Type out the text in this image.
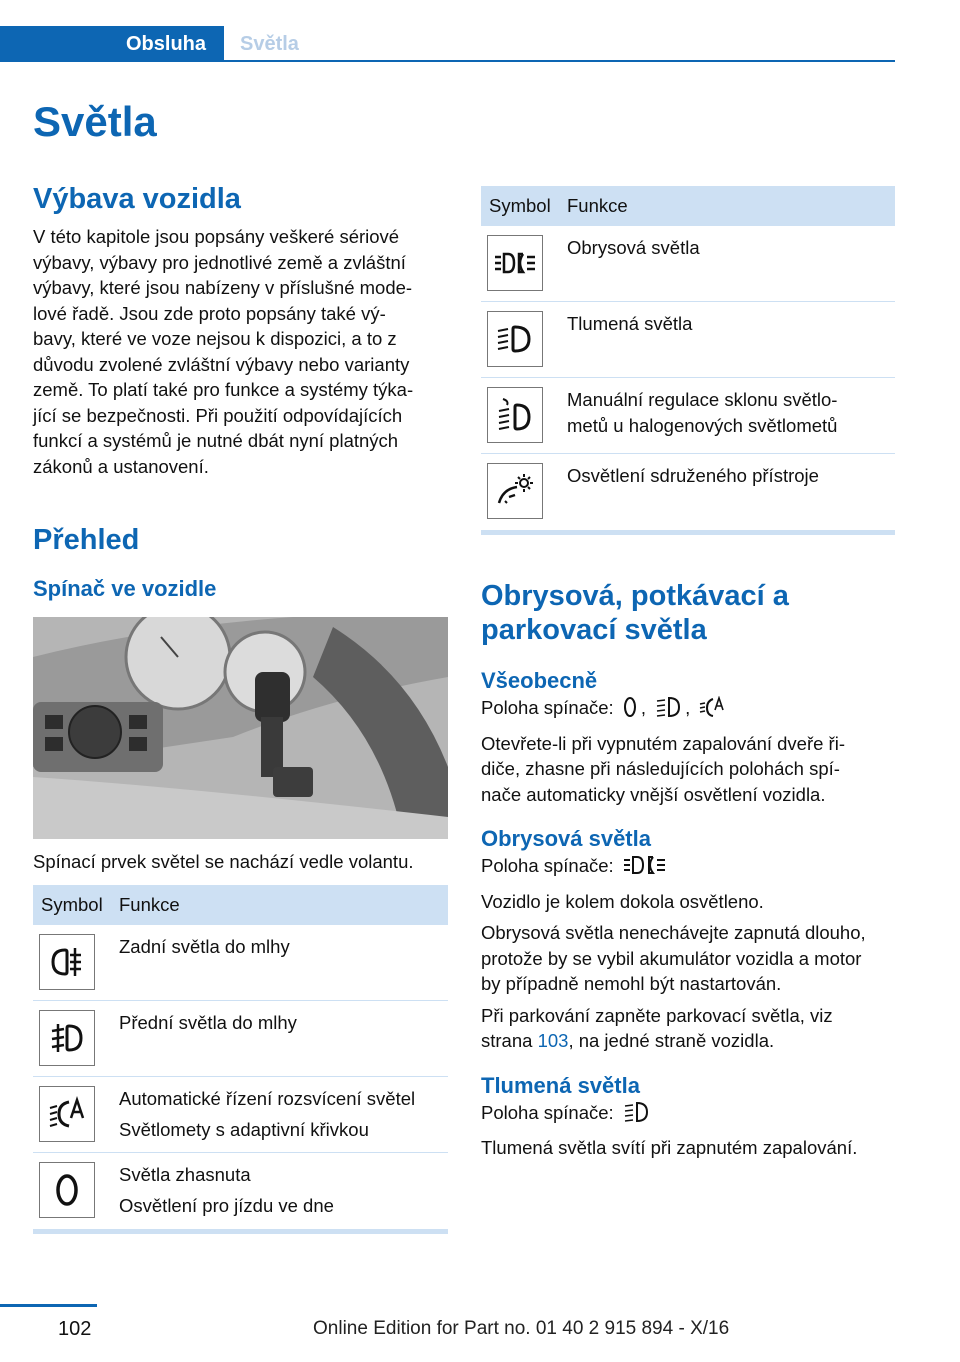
Obsluha	Světla
Světla
Výbava vozidla

V této kapitole jsou popsány veškeré sériové
výbavy, výbavy pro jednotlivé země a zvláštní
výbavy, které jsou nabízeny v příslušné mode‐
lové řadě. Jsou zde proto popsány také vý‐
bavy, které ve voze nejsou k dispozici, a to z
důvodu zvolené zvláštní výbavy nebo varianty
země. To platí také pro funkce a systémy týka‐
jící se bezpečnosti. Při použití odpovídajících
funkcí a systémů je nutné dbát nyní platných
zákonů a ustanovení.

Přehled
Spínač ve vozidle

Spínací prvek světel se nachází vedle volantu.

Symbol Funkce
Zadní světla do mlhy
Přední světla do mlhy
Automatické řízení rozsvícení světel
Světlomety s adaptivní křivkou
Světla zhasnuta
Osvětlení pro jízdu ve dne
Symbol Funkce
Obrysová světla
Tlumená světla
Manuální regulace sklonu světlo‐
metů u halogenových světlometů
Osvětlení sdruženého přístroje
Obrysová, potkávací a
parkovací světla
Všeobecně

Poloha spínače: , ,

Otevřete-li při vypnutém zapalování dveře ři‐
diče, zhasne při následujících polohách spí‐
nače automaticky vnější osvětlení vozidla.

Obrysová světla

Poloha spínače:

Vozidlo je kolem dokola osvětleno.

Obrysová světla nenechávejte zapnutá dlouho,
protože by se vybil akumulátor vozidla a motor
by případně nemohl být nastartován.

Při parkování zapněte parkovací světla, viz
strana 103, na jedné straně vozidla.

Tlumená světla

Poloha spínače:

Tlumená světla svítí při zapnutém zapalování.

102	Online Edition for Part no. 01 40 2 915 894 - X/16
